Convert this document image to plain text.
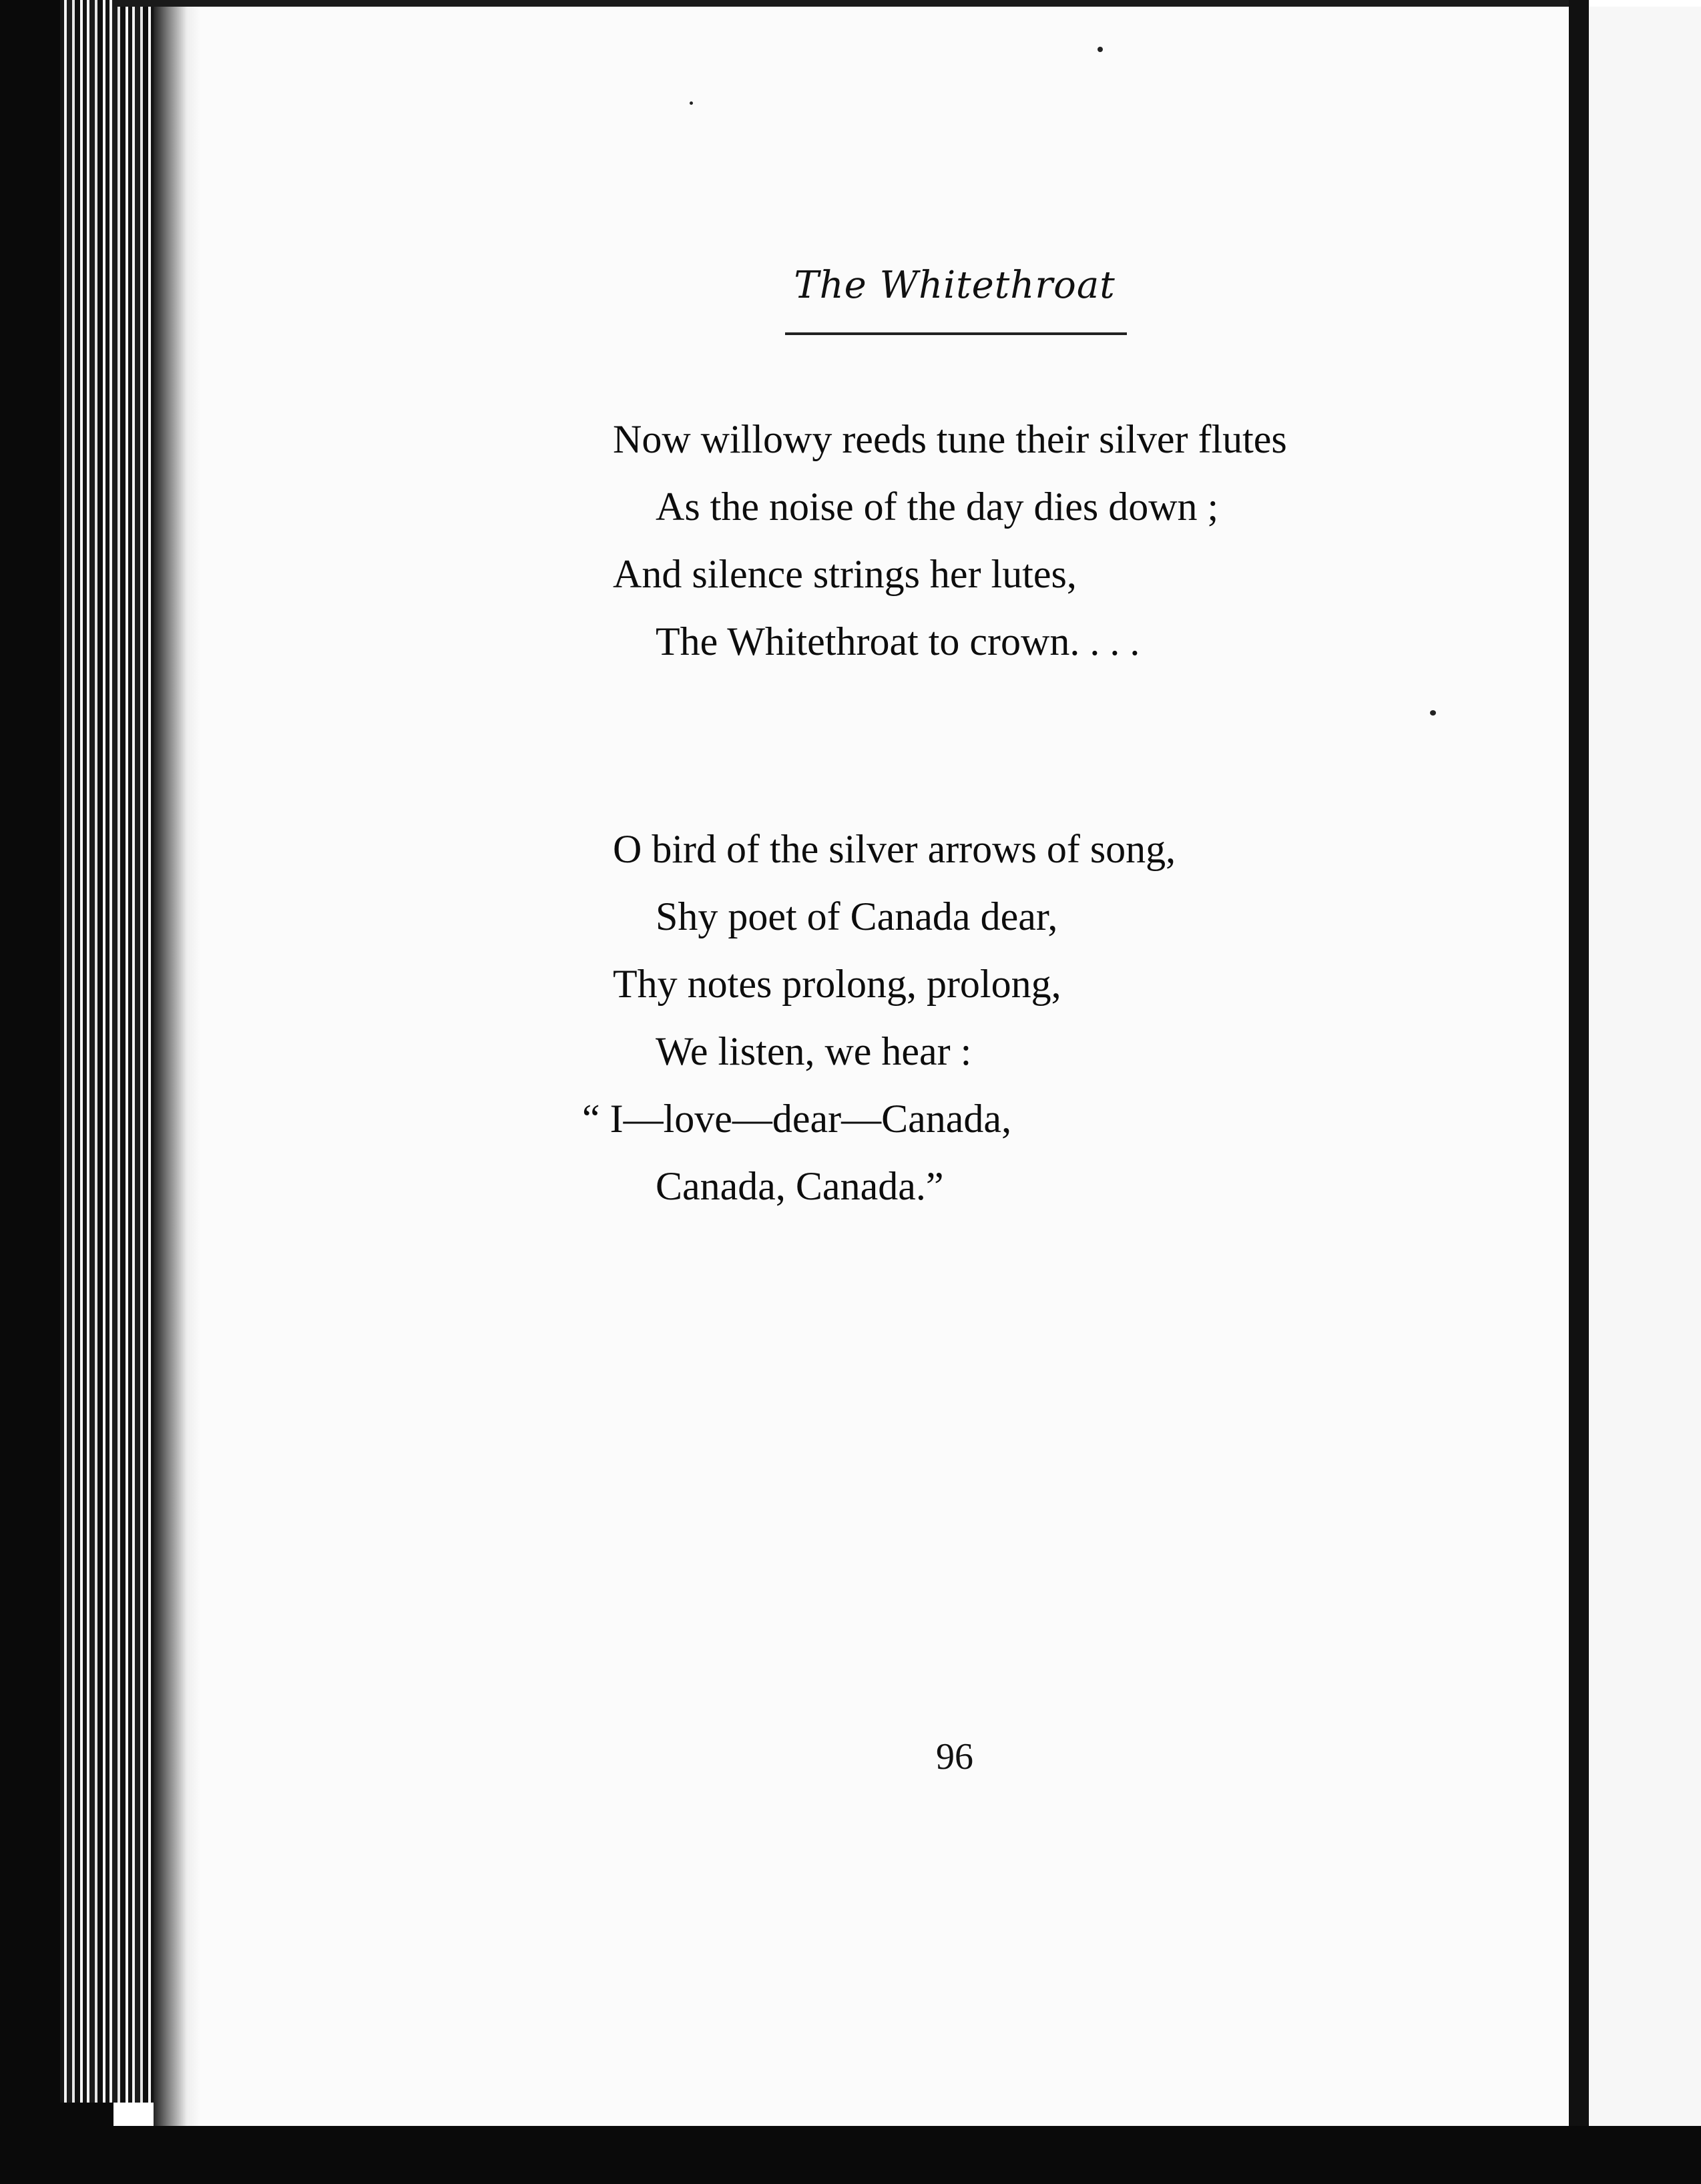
The Whitethroat
Now willowy reeds tune their silver flutes
As the noise of the day dies down ;
And silence strings her lutes,
The Whitethroat to crown. . . .
O bird of the silver arrows of song,
Shy poet of Canada dear,
Thy notes prolong, prolong,
We listen, we hear :
“ I—love—dear—Canada,
Canada, Canada.”
96
